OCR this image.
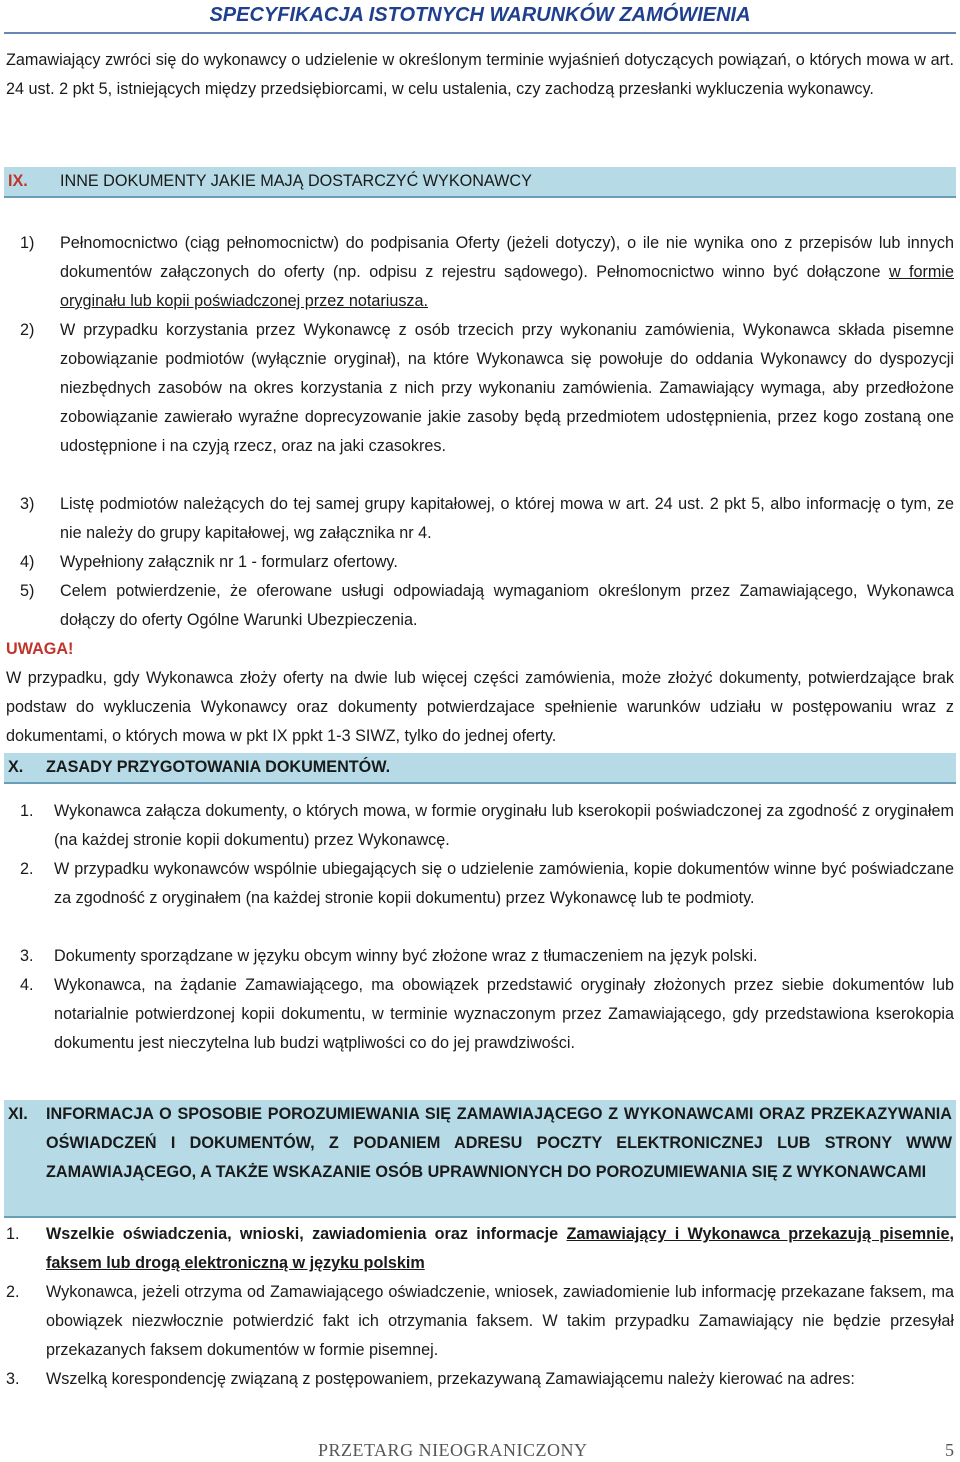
SPECYFIKACJA ISTOTNYCH WARUNKÓW ZAMÓWIENIA
Zamawiający zwróci się do wykonawcy o udzielenie w określonym terminie wyjaśnień dotyczących powiązań, o których mowa w art. 24 ust. 2 pkt 5, istniejących między przedsiębiorcami, w celu ustalenia, czy zachodzą przesłanki wykluczenia wykonawcy.
IX. INNE DOKUMENTY JAKIE MAJĄ DOSTARCZYĆ WYKONAWCY
1) Pełnomocnictwo (ciąg pełnomocnictw) do podpisania Oferty (jeżeli dotyczy), o ile nie wynika ono z przepisów lub innych dokumentów załączonych do oferty (np. odpisu z rejestru sądowego). Pełnomocnictwo winno być dołączone w formie oryginału lub kopii poświadczonej przez notariusza.
2) W przypadku korzystania przez Wykonawcę z osób trzecich przy wykonaniu zamówienia, Wykonawca składa pisemne zobowiązanie podmiotów (wyłącznie oryginał), na które Wykonawca się powołuje do oddania Wykonawcy do dyspozycji niezbędnych zasobów na okres korzystania z nich przy wykonaniu zamówienia. Zamawiający wymaga, aby przedłożone zobowiązanie zawierało wyraźne doprecyzowanie jakie zasoby będą przedmiotem udostępnienia, przez kogo zostaną one udostępnione i na czyją rzecz, oraz na jaki czasokres.
3) Listę podmiotów należących do tej samej grupy kapitałowej, o której mowa w art. 24 ust. 2 pkt 5, albo informację o tym, ze nie należy do grupy kapitałowej, wg załącznika nr 4.
4) Wypełniony załącznik nr 1 - formularz ofertowy.
5) Celem potwierdzenie, że oferowane usługi odpowiadają wymaganiom określonym przez Zamawiającego, Wykonawca dołączy do oferty Ogólne Warunki Ubezpieczenia.
UWAGA!
W przypadku, gdy Wykonawca złoży oferty na dwie lub więcej części zamówienia, może złożyć dokumenty, potwierdzające brak podstaw do wykluczenia Wykonawcy oraz dokumenty potwierdzajace spełnienie warunków udziału w postępowaniu wraz z dokumentami, o których mowa w pkt IX ppkt 1-3 SIWZ, tylko do jednej oferty.
X. ZASADY PRZYGOTOWANIA DOKUMENTÓW.
1. Wykonawca załącza dokumenty, o których mowa, w formie oryginału lub kserokopii poświadczonej za zgodność z oryginałem (na każdej stronie kopii dokumentu) przez Wykonawcę.
2. W przypadku wykonawców wspólnie ubiegających się o udzielenie zamówienia, kopie dokumentów winne być poświadczane za zgodność z oryginałem (na każdej stronie kopii dokumentu) przez Wykonawcę lub te podmioty.
3. Dokumenty sporządzane w języku obcym winny być złożone wraz z tłumaczeniem na język polski.
4. Wykonawca, na żądanie Zamawiającego, ma obowiązek przedstawić oryginały złożonych przez siebie dokumentów lub notarialnie potwierdzonej kopii dokumentu, w terminie wyznaczonym przez Zamawiającego, gdy przedstawiona kserokopia dokumentu jest nieczytelna lub budzi wątpliwości co do jej prawdziwości.
XI. INFORMACJA O SPOSOBIE POROZUMIEWANIA SIĘ ZAMAWIAJĄCEGO Z WYKONAWCAMI ORAZ PRZEKAZYWANIA OŚWIADCZEŃ I DOKUMENTÓW, Z PODANIEM ADRESU POCZTY ELEKTRONICZNEJ LUB STRONY WWW ZAMAWIAJĄCEGO, A TAKŻE WSKAZANIE OSÓB UPRAWNIONYCH DO POROZUMIEWANIA SIĘ Z WYKONAWCAMI
1. Wszelkie oświadczenia, wnioski, zawiadomienia oraz informacje Zamawiający i Wykonawca przekazują pisemnie, faksem lub drogą elektroniczną w języku polskim
2. Wykonawca, jeżeli otrzyma od Zamawiającego oświadczenie, wniosek, zawiadomienie lub informację przekazane faksem, ma obowiązek niezwłocznie potwierdzić fakt ich otrzymania faksem. W takim przypadku Zamawiający nie będzie przesyłał przekazanych faksem dokumentów w formie pisemnej.
3. Wszelką korespondencję związaną z postępowaniem, przekazywaną Zamawiającemu należy kierować na adres:
PRZETARG NIEOGRANICZONY	5
